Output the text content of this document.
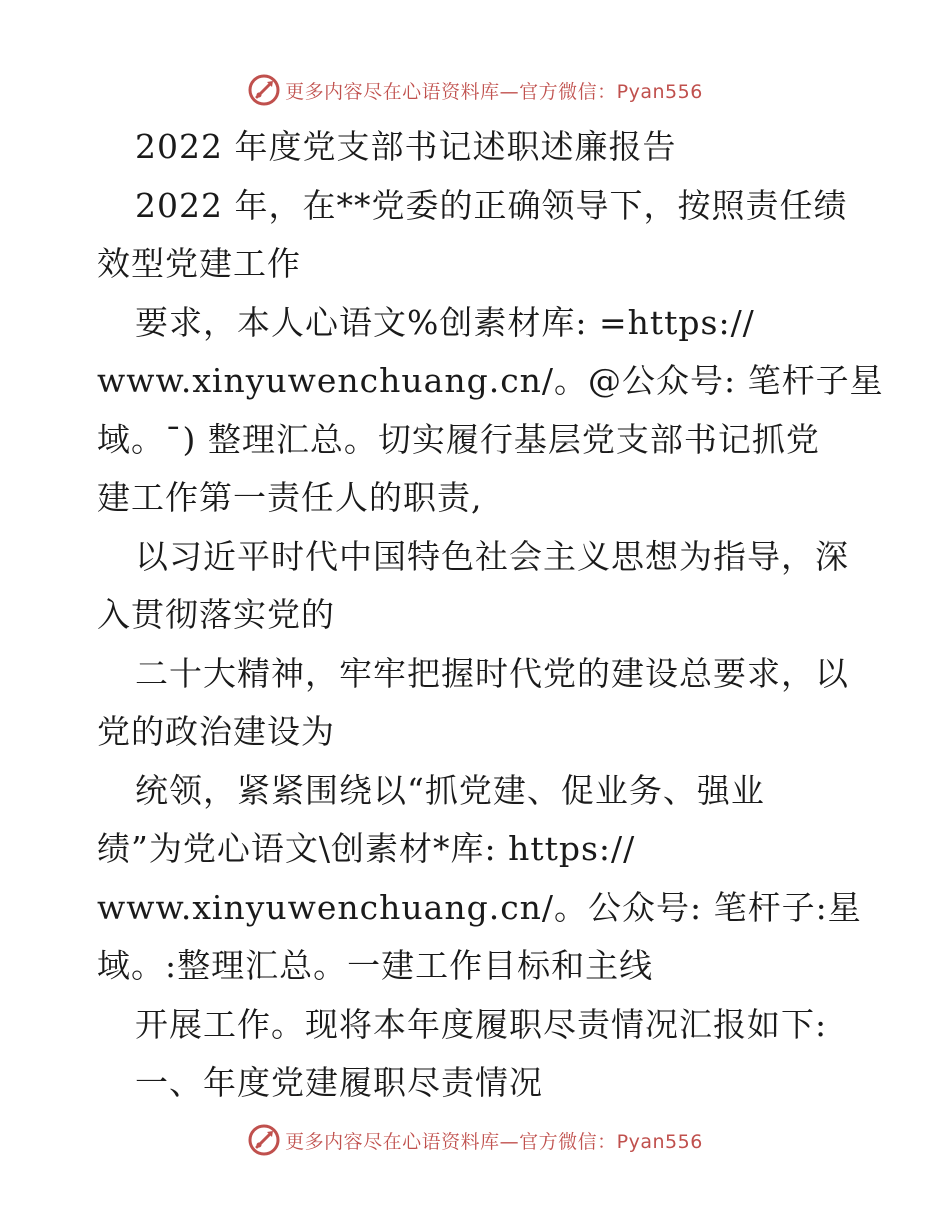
更多内容尽在心语资料库—官方微信：Pyan556
2022 年度党支部书记述职述廉报告
2022 年，在**党委的正确领导下，按照责任绩
效型党建工作
要求，本人心语文%创素材库: =https://
www.xinyuwenchuang.cn/。@公众号: 笔杆子星
域。¯) 整理汇总。切实履行基层党支部书记抓党
建工作第一责任人的职责,
以习近平时代中国特色社会主义思想为指导，深
入贯彻落实党的
二十大精神，牢牢把握时代党的建设总要求，以
党的政治建设为
统领，紧紧围绕以“抓党建、促业务、强业
绩”为党心语文\创素材*库: https://
www.xinyuwenchuang.cn/。公众号: 笔杆子:星
域。:整理汇总。一建工作目标和主线
开展工作。现将本年度履职尽责情况汇报如下:
一、年度党建履职尽责情况
更多内容尽在心语资料库—官方微信：Pyan556
